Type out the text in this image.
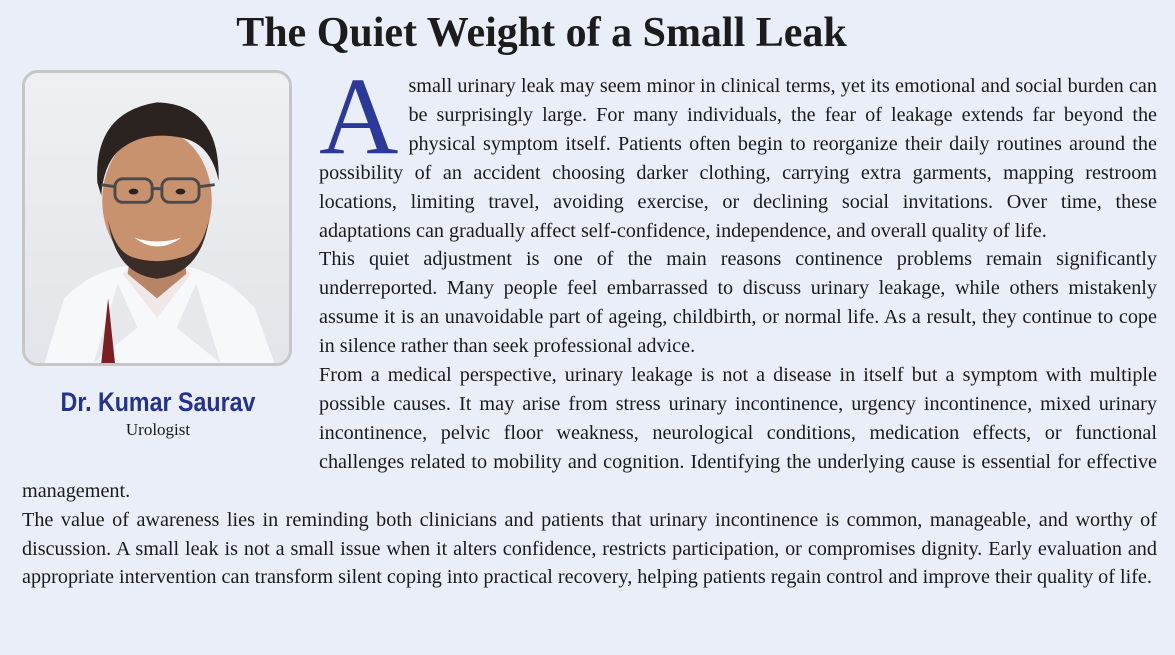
The Quiet Weight of a Small Leak
Dr. Kumar Saurav
Urologist

Asmall urinary leak may seem minor in clinical terms, yet its emotional and social burden can be surprisingly large. For many individuals, the fear of leakage extends far beyond the physical symptom itself. Patients often begin to reorganize their daily routines around the possibility of an accident choosing darker clothing, carrying extra garments, mapping restroom locations, limiting travel, avoiding exercise, or declining social invitations. Over time, these adaptations can gradually affect self-confidence, independence, and overall quality of life.

This quiet adjustment is one of the main reasons continence problems remain significantly underreported. Many people feel embarrassed to discuss urinary leakage, while others mistakenly assume it is an unavoidable part of ageing, childbirth, or normal life. As a result, they continue to cope in silence rather than seek professional advice.

From a medical perspective, urinary leakage is not a disease in itself but a symptom with multiple possible causes. It may arise from stress urinary incontinence, urgency incontinence, mixed urinary incontinence, pelvic floor weakness, neurological conditions, medication effects, or functional challenges related to mobility and cognition. Identifying the underlying cause is essential for effective management.

The value of awareness lies in reminding both clinicians and patients that urinary incontinence is common, manageable, and worthy of discussion. A small leak is not a small issue when it alters confidence, restricts participation, or compromises dignity. Early evaluation and appropriate intervention can transform silent coping into practical recovery, helping patients regain control and improve their quality of life.
